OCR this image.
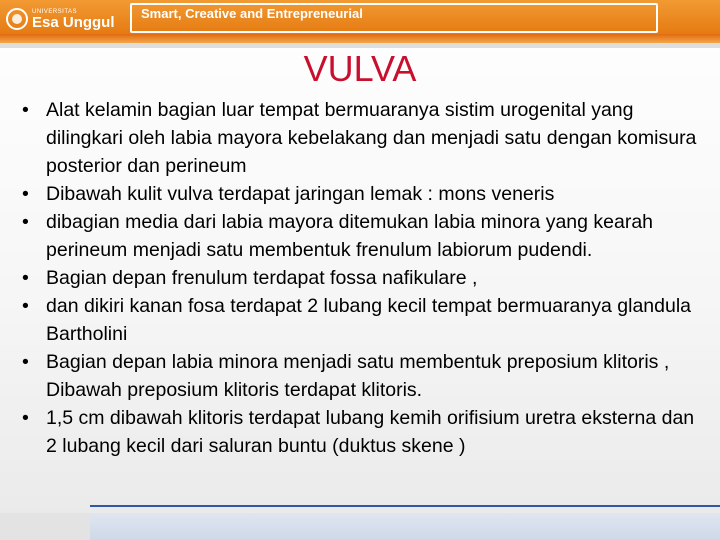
UNIVERSITAS
Esa Unggul Smart, Creative and Entrepreneurial
VULVA
• Alat kelamin bagian luar tempat bermuaranya sistim urogenital yang dilingkari oleh labia mayora kebelakang dan menjadi satu dengan komisura posterior dan perineum
• Dibawah kulit vulva terdapat jaringan lemak : mons veneris
• dibagian media dari labia mayora ditemukan labia minora yang kearah perineum menjadi satu membentuk frenulum labiorum pudendi.
• Bagian depan frenulum terdapat fossa nafikulare ,
• dan dikiri kanan fosa terdapat 2 lubang kecil tempat bermuaranya glandula Bartholini
• Bagian depan labia minora menjadi satu membentuk preposium klitoris , Dibawah preposium klitoris terdapat klitoris.
• 1,5 cm dibawah klitoris terdapat lubang kemih orifisium uretra eksterna dan 2 lubang kecil dari saluran buntu (duktus skene )
